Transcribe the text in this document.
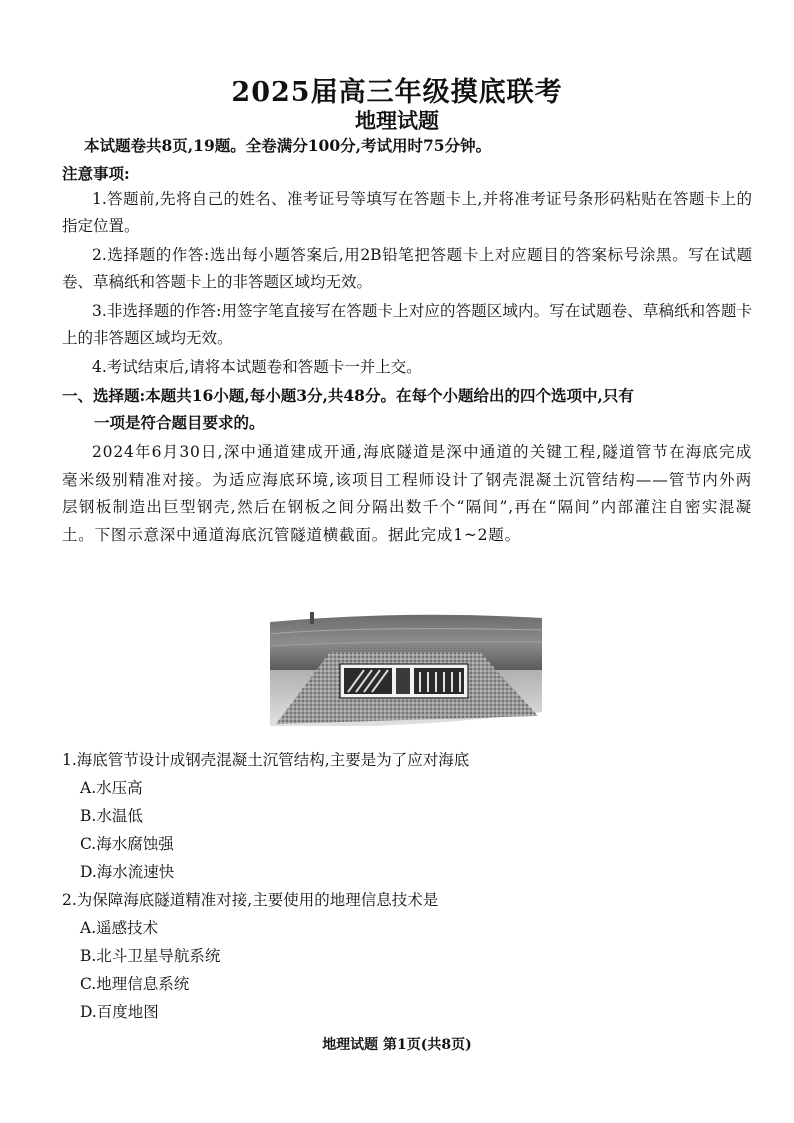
2025届高三年级摸底联考
地理试题
本试题卷共8页,19题。全卷满分100分,考试用时75分钟。
注意事项:
1.答题前,先将自己的姓名、准考证号等填写在答题卡上,并将准考证号条形码粘贴在答题卡上的指定位置。
2.选择题的作答:选出每小题答案后,用2B铅笔把答题卡上对应题目的答案标号涂黑。写在试题卷、草稿纸和答题卡上的非答题区域均无效。
3.非选择题的作答:用签字笔直接写在答题卡上对应的答题区域内。写在试题卷、草稿纸和答题卡上的非答题区域均无效。
4.考试结束后,请将本试题卷和答题卡一并上交。
一、选择题:本题共16小题,每小题3分,共48分。在每个小题给出的四个选项中,只有
一项是符合题目要求的。
2024年6月30日,深中通道建成开通,海底隧道是深中通道的关键工程,隧道管节在海底完成毫米级别精准对接。为适应海底环境,该项目工程师设计了钢壳混凝土沉管结构——管节内外两层钢板制造出巨型钢壳,然后在钢板之间分隔出数千个“隔间”,再在“隔间”内部灌注自密实混凝土。下图示意深中通道海底沉管隧道横截面。据此完成1~2题。
1.海底管节设计成钢壳混凝土沉管结构,主要是为了应对海底
A.水压高
B.水温低
C.海水腐蚀强
D.海水流速快
2.为保障海底隧道精准对接,主要使用的地理信息技术是
A.遥感技术
B.北斗卫星导航系统
C.地理信息系统
D.百度地图
地理试题 第1页(共8页)
